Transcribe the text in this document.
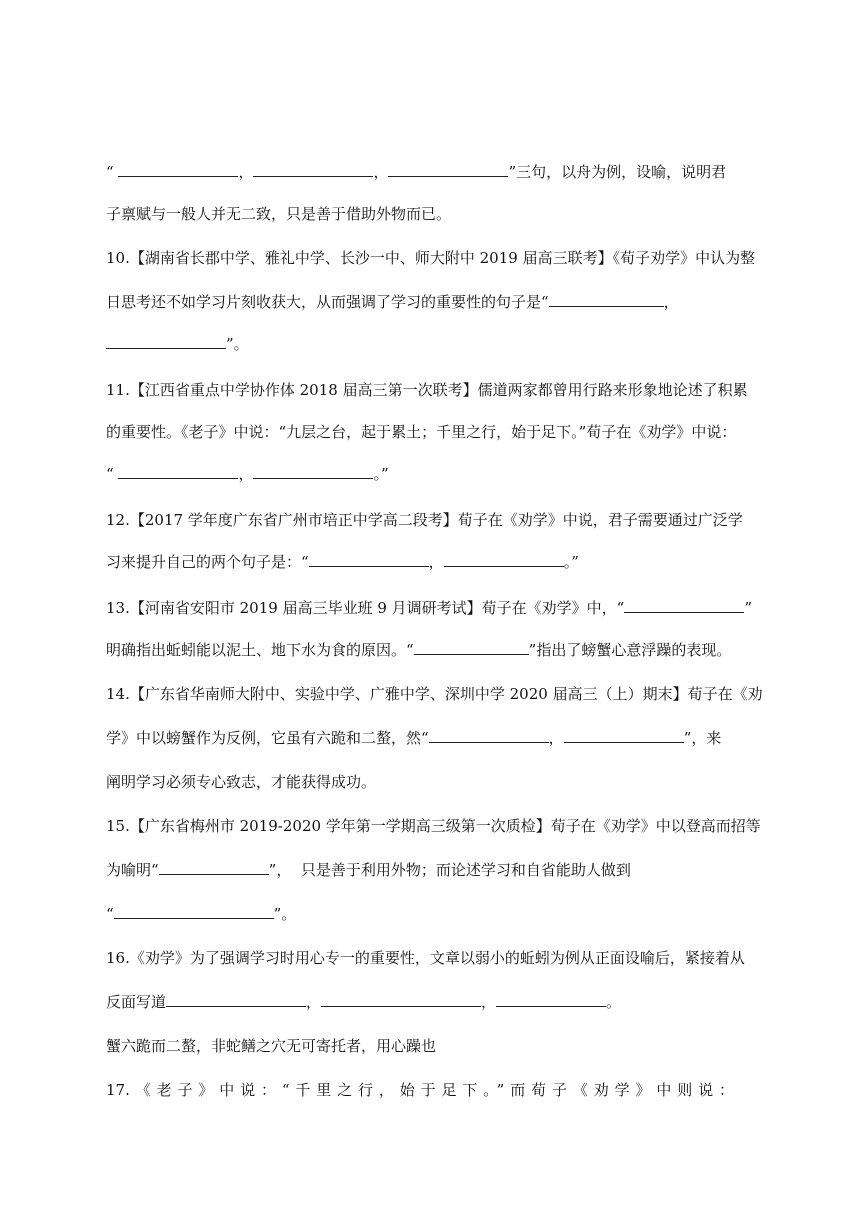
“	，	，	”三句，以舟为例，设喻，说明君
子禀赋与一般人并无二致，只是善于借助外物而已。
10.【湖南省长郡中学、雅礼中学、长沙一中、师大附中 2019 届高三联考】《荀子劝学》中认为整
日思考还不如学习片刻收获大，从而强调了学习的重要性的句子是“	，
”。
11.【江西省重点中学协作体 2018 届高三第一次联考】儒道两家都曾用行路来形象地论述了积累
的重要性。《老子》中说：“九层之台，起于累土；千里之行，始于足下。”荀子在《劝学》中说：
“	，	。”
12.【2017 学年度广东省广州市培正中学高二段考】荀子在《劝学》中说，君子需要通过广泛学
习来提升自己的两个句子是：“	，	。”
13.【河南省安阳市 2019 届高三毕业班 9 月调研考试】荀子在《劝学》中，“	”
明确指出蚯蚓能以泥土、地下水为食的原因。“	”指出了螃蟹心意浮躁的表现。
14.【广东省华南师大附中、实验中学、广雅中学、深圳中学 2020 届高三（上）期末】荀子在《劝
学》中以螃蟹作为反例，它虽有六跪和二螯，然“	，	”，来
阐明学习必须专心致志，才能获得成功。
15.【广东省梅州市 2019-2020 学年第一学期高三级第一次质检】荀子在《劝学》中以登高而招等
为喻明“	”， 只是善于利用外物；而论述学习和自省能助人做到
“	”。
16.《劝学》为了强调学习时用心专一的重要性，文章以弱小的蚯蚓为例从正面设喻后，紧接着从
反面写道	，	，	。
蟹六跪而二螯，非蛇鳝之穴无可寄托者，用心躁也
17.《老子》中说：“千里之行，始于足下。”而荀子《劝学》中则说：
